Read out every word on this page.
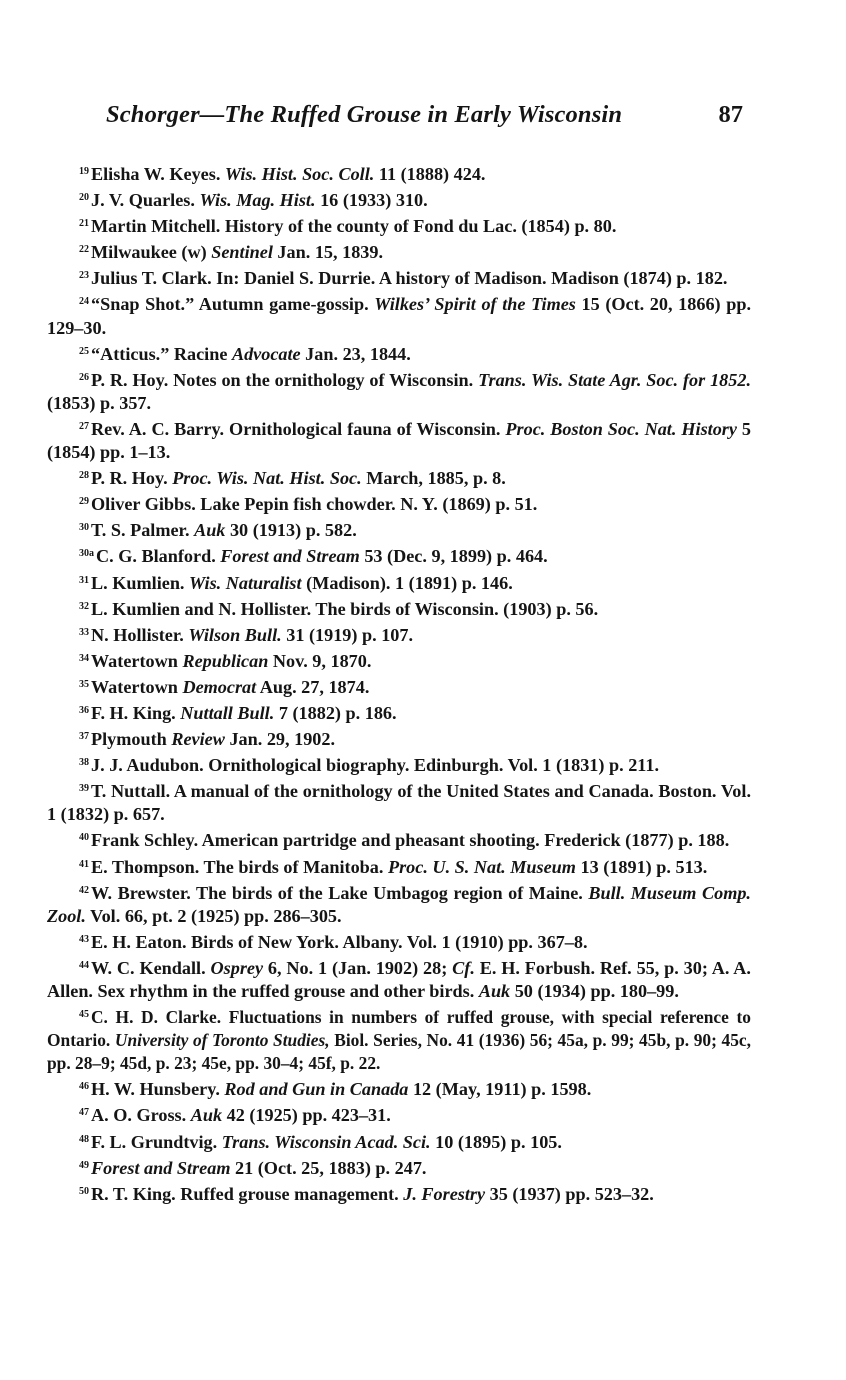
Schorger—The Ruffed Grouse in Early Wisconsin	87
$^{19}$ Elisha W. Keyes. Wis. Hist. Soc. Coll. 11 (1888) 424.
$^{20}$ J. V. Quarles. Wis. Mag. Hist. 16 (1933) 310.
$^{21}$ Martin Mitchell. History of the county of Fond du Lac. (1854) p. 80.
$^{22}$ Milwaukee (w) Sentinel Jan. 15, 1839.
$^{23}$ Julius T. Clark. In: Daniel S. Durrie. A history of Madison. Madison (1874) p. 182.
$^{24}$ “Snap Shot.” Autumn game-gossip. Wilkes’ Spirit of the Times 15 (Oct. 20, 1866) pp. 129–30.
$^{25}$ “Atticus.” Racine Advocate Jan. 23, 1844.
$^{26}$ P. R. Hoy. Notes on the ornithology of Wisconsin. Trans. Wis. State Agr. Soc. for 1852. (1853) p. 357.
$^{27}$ Rev. A. C. Barry. Ornithological fauna of Wisconsin. Proc. Boston Soc. Nat. History 5 (1854) pp. 1–13.
$^{28}$ P. R. Hoy. Proc. Wis. Nat. Hist. Soc. March, 1885, p. 8.
$^{29}$ Oliver Gibbs. Lake Pepin fish chowder. N. Y. (1869) p. 51.
$^{30}$ T. S. Palmer. Auk 30 (1913) p. 582.
$^{30a}$ C. G. Blanford. Forest and Stream 53 (Dec. 9, 1899) p. 464.
$^{31}$ L. Kumlien. Wis. Naturalist (Madison). 1 (1891) p. 146.
$^{32}$ L. Kumlien and N. Hollister. The birds of Wisconsin. (1903) p. 56.
$^{33}$ N. Hollister. Wilson Bull. 31 (1919) p. 107.
$^{34}$ Watertown Republican Nov. 9, 1870.
$^{35}$ Watertown Democrat Aug. 27, 1874.
$^{36}$ F. H. King. Nuttall Bull. 7 (1882) p. 186.
$^{37}$ Plymouth Review Jan. 29, 1902.
$^{38}$ J. J. Audubon. Ornithological biography. Edinburgh. Vol. 1 (1831) p. 211.
$^{39}$ T. Nuttall. A manual of the ornithology of the United States and Canada. Boston. Vol. 1 (1832) p. 657.
$^{40}$ Frank Schley. American partridge and pheasant shooting. Frederick (1877) p. 188.
$^{41}$ E. Thompson. The birds of Manitoba. Proc. U. S. Nat. Museum 13 (1891) p. 513.
$^{42}$ W. Brewster. The birds of the Lake Umbagog region of Maine. Bull. Museum Comp. Zool. Vol. 66, pt. 2 (1925) pp. 286–305.
$^{43}$ E. H. Eaton. Birds of New York. Albany. Vol. 1 (1910) pp. 367–8.
$^{44}$ W. C. Kendall. Osprey 6, No. 1 (Jan. 1902) 28; Cf. E. H. Forbush. Ref. 55, p. 30; A. A. Allen. Sex rhythm in the ruffed grouse and other birds. Auk 50 (1934) pp. 180–99.
$^{45}$ C. H. D. Clarke. Fluctuations in numbers of ruffed grouse, with special reference to Ontario. University of Toronto Studies, Biol. Series, No. 41 (1936) 56; 45a, p. 99; 45b, p. 90; 45c, pp. 28–9; 45d, p. 23; 45e, pp. 30–4; 45f, p. 22.
$^{46}$ H. W. Hunsbery. Rod and Gun in Canada 12 (May, 1911) p. 1598.
$^{47}$ A. O. Gross. Auk 42 (1925) pp. 423–31.
$^{48}$ F. L. Grundtvig. Trans. Wisconsin Acad. Sci. 10 (1895) p. 105.
$^{49}$ Forest and Stream 21 (Oct. 25, 1883) p. 247.
$^{50}$ R. T. King. Ruffed grouse management. J. Forestry 35 (1937) pp. 523–32.
